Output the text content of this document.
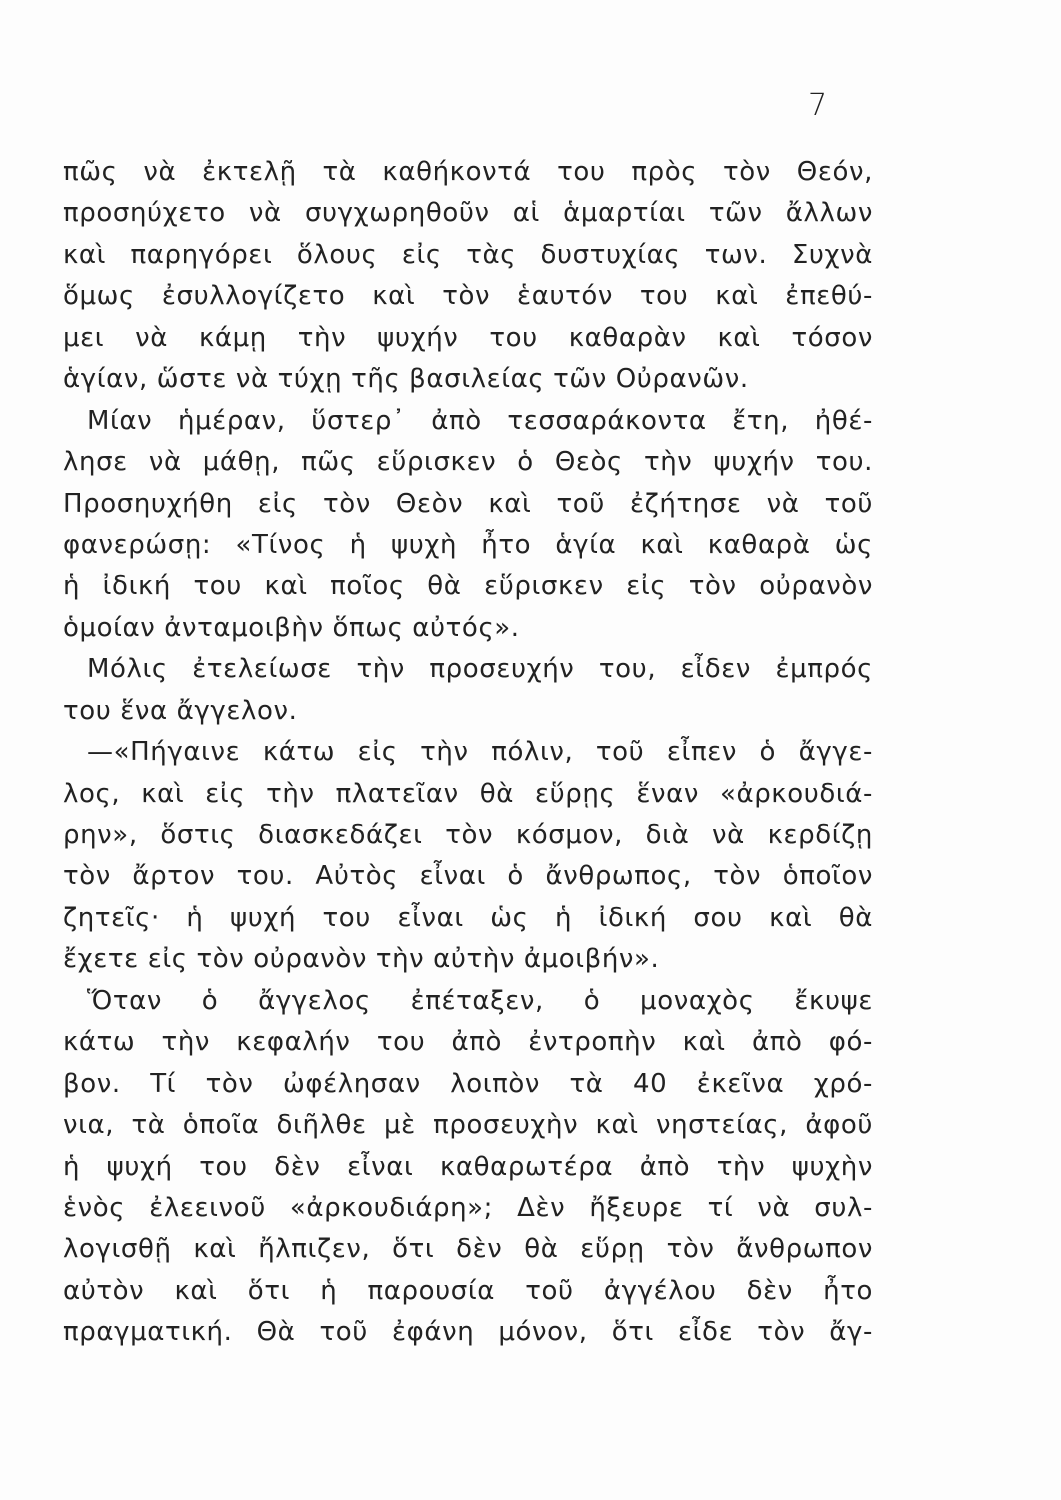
7
πῶς νὰ ἐκτελῇ τὰ καθήκοντά του πρὸς τὸν Θεόν,
προσηύχετο νὰ συγχωρηθοῦν αἱ ἁμαρτίαι τῶν ἄλλων
καὶ παρηγόρει ὅλους εἰς τὰς δυστυχίας των. Συχνὰ
ὅμως ἐσυλλογίζετο καὶ τὸν ἑαυτόν του καὶ ἐπεθύ-
μει νὰ κάμῃ τὴν ψυχήν του καθαρὰν καὶ τόσον
ἁγίαν, ὥστε νὰ τύχῃ τῆς βασιλείας τῶν Οὐρανῶν.
Μίαν ἡμέραν, ὕστερ᾽ ἀπὸ τεσσαράκοντα ἔτη, ἠθέ-
λησε νὰ μάθῃ, πῶς εὕρισκεν ὁ Θεὸς τὴν ψυχήν του.
Προσηυχήθη εἰς τὸν Θεὸν καὶ τοῦ ἐζήτησε νὰ τοῦ
φανερώσῃ: «Τίνος ἡ ψυχὴ ἦτο ἁγία καὶ καθαρὰ ὡς
ἡ ἰδική του καὶ ποῖος θὰ εὕρισκεν εἰς τὸν οὐρανὸν
ὁμοίαν ἀνταμοιβὴν ὅπως αὐτός».
Μόλις ἐτελείωσε τὴν προσευχήν του, εἶδεν ἐμπρός
του ἕνα ἄγγελον.
—«Πήγαινε κάτω εἰς τὴν πόλιν, τοῦ εἶπεν ὁ ἄγγε-
λος, καὶ εἰς τὴν πλατεῖαν θὰ εὕρῃς ἕναν «ἀρκουδιά-
ρην», ὅστις διασκεδάζει τὸν κόσμον, διὰ νὰ κερδίζῃ
τὸν ἄρτον του. Αὐτὸς εἶναι ὁ ἄνθρωπος, τὸν ὁποῖον
ζητεῖς· ἡ ψυχή του εἶναι ὡς ἡ ἰδική σου καὶ θὰ
ἔχετε εἰς τὸν οὐρανὸν τὴν αὐτὴν ἀμοιβήν».
Ὅταν ὁ ἄγγελος ἐπέταξεν, ὁ μοναχὸς ἔκυψε
κάτω τὴν κεφαλήν του ἀπὸ ἐντροπὴν καὶ ἀπὸ φό-
βον. Τί τὸν ὠφέλησαν λοιπὸν τὰ 40 ἐκεῖνα χρό-
νια, τὰ ὁποῖα διῆλθε μὲ προσευχὴν καὶ νηστείας, ἀφοῦ
ἡ ψυχή του δὲν εἶναι καθαρωτέρα ἀπὸ τὴν ψυχὴν
ἑνὸς ἐλεεινοῦ «ἀρκουδιάρη»; Δὲν ἤξευρε τί νὰ συλ-
λογισθῇ καὶ ἤλπιζεν, ὅτι δὲν θὰ εὕρῃ τὸν ἄνθρωπον
αὐτὸν καὶ ὅτι ἡ παρουσία τοῦ ἀγγέλου δὲν ἦτο
πραγματική. Θὰ τοῦ ἐφάνη μόνον, ὅτι εἶδε τὸν ἄγ-
